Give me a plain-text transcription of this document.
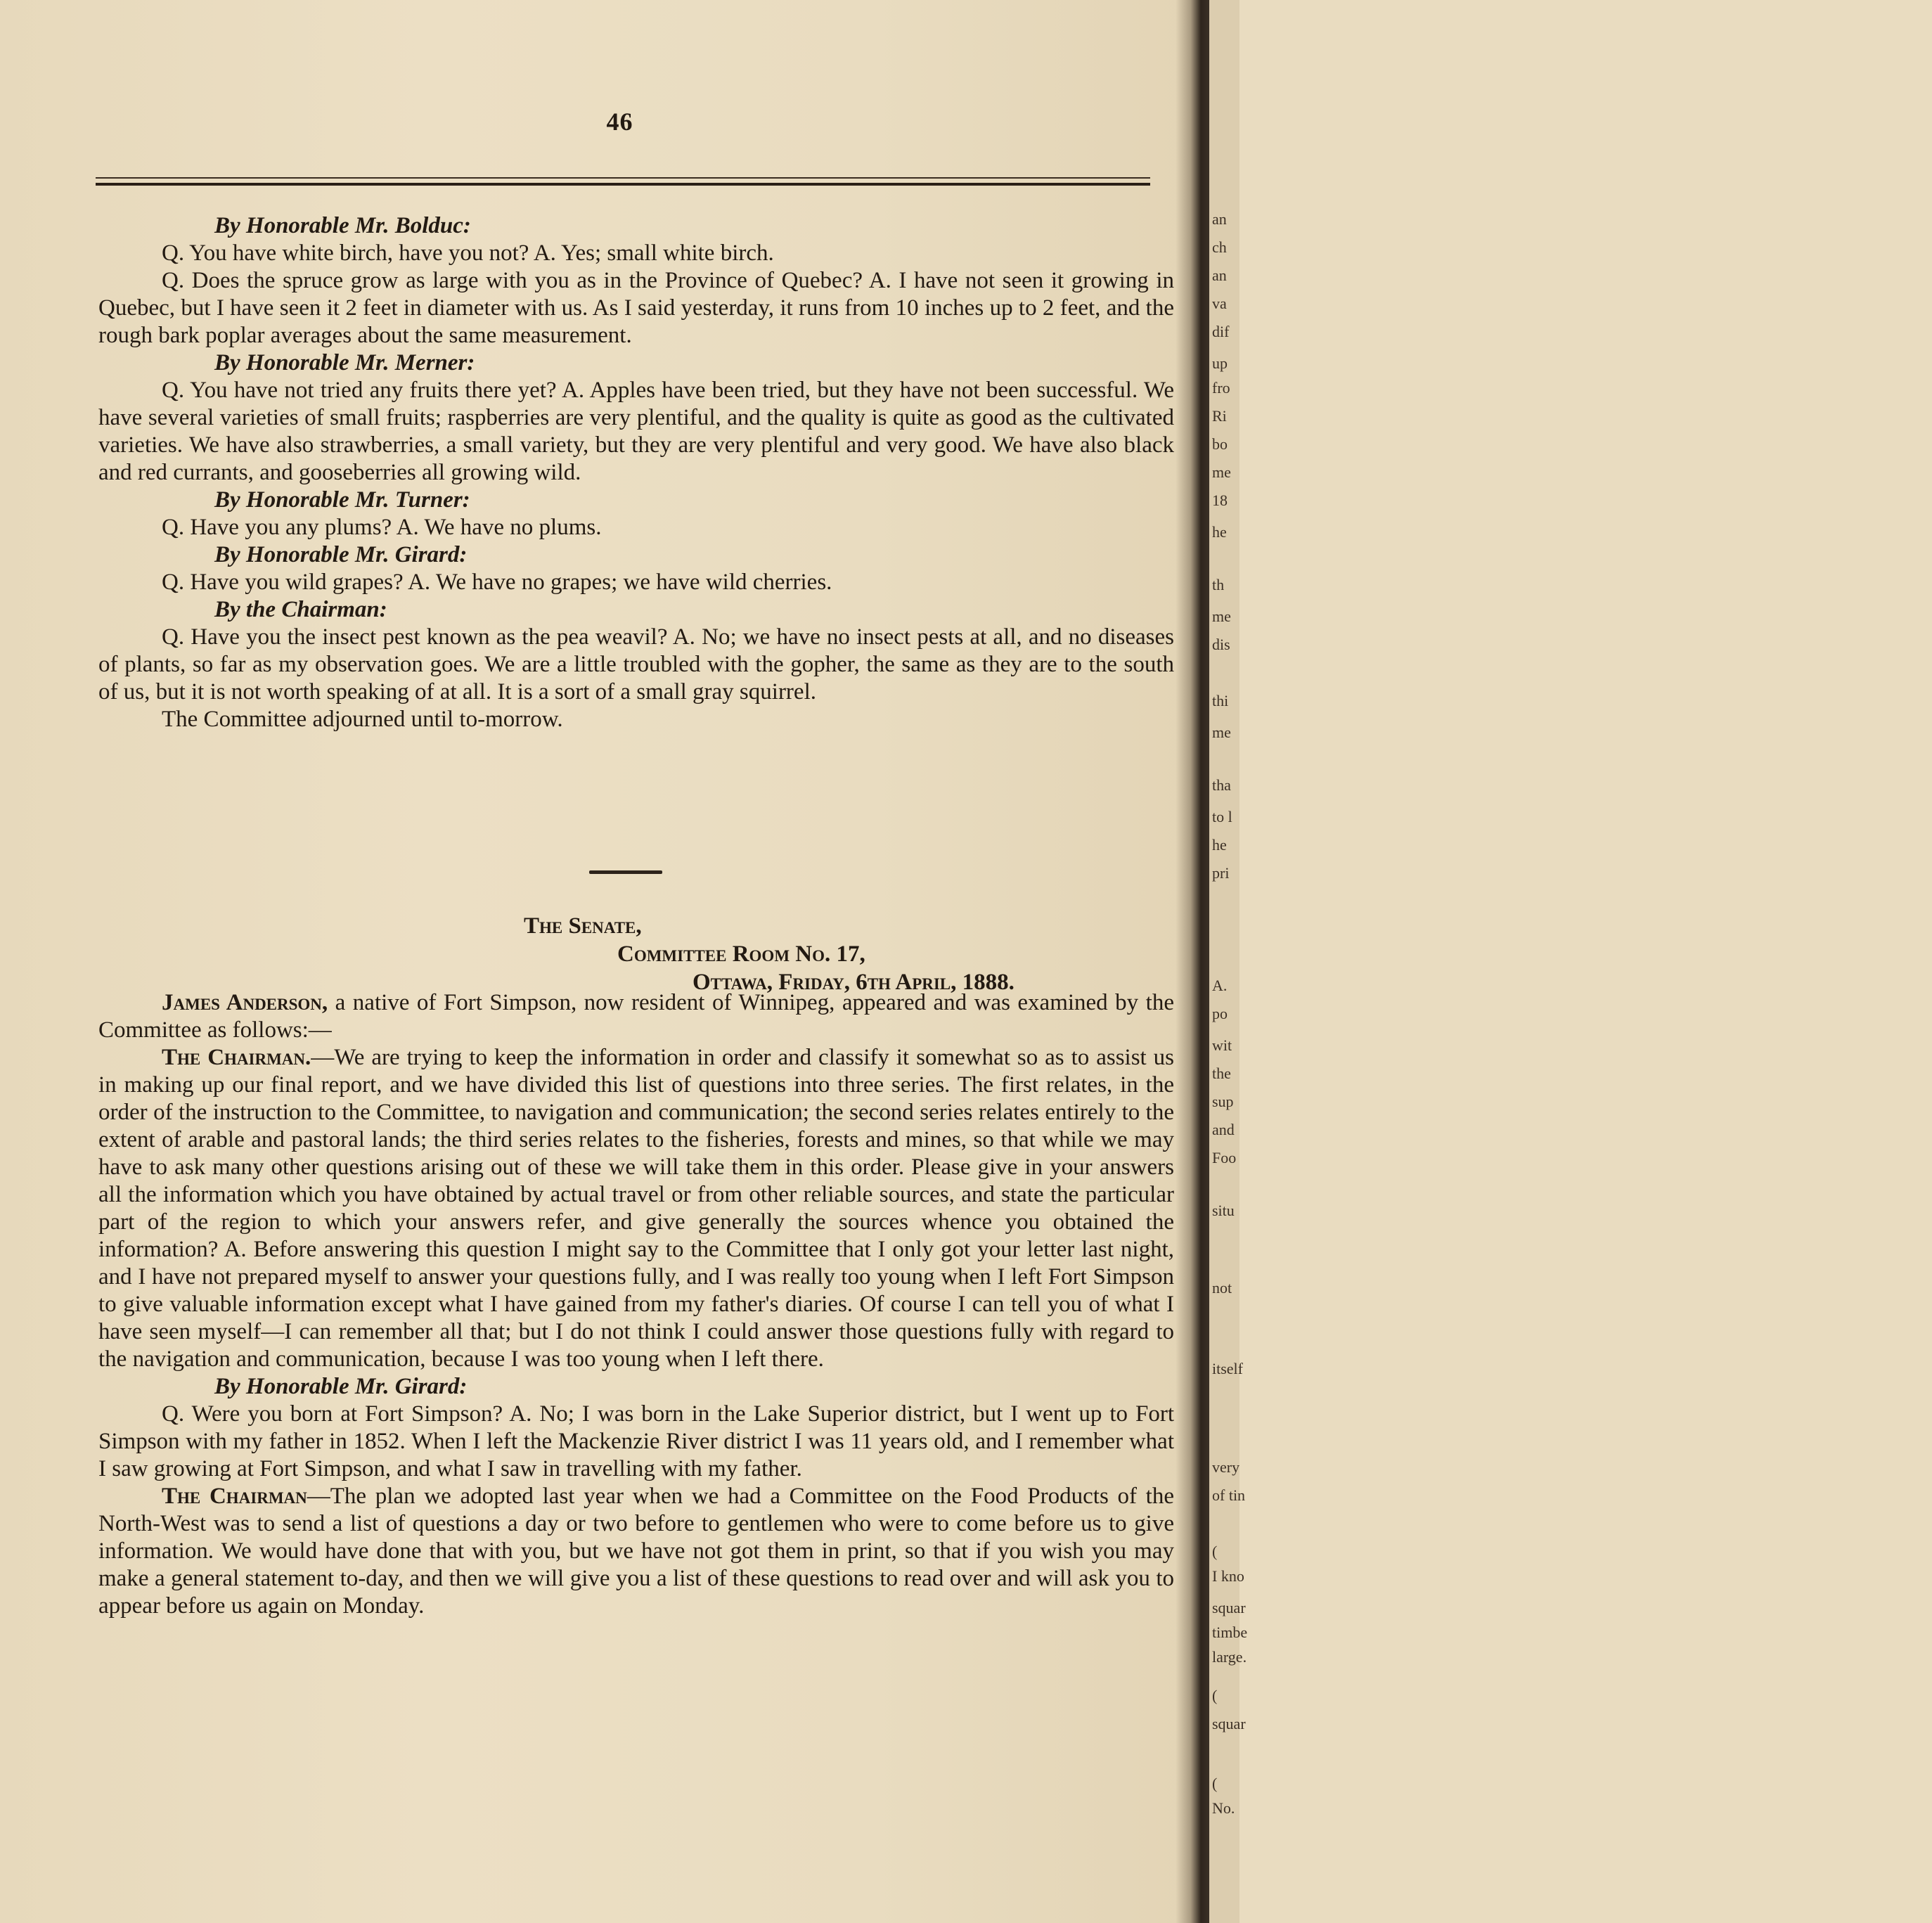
46

By Honorable Mr. Bolduc:

Q. You have white birch, have you not? A. Yes; small white birch.

Q. Does the spruce grow as large with you as in the Province of Quebec? A. I have not seen it growing in Quebec, but I have seen it 2 feet in diameter with us. As I said yesterday, it runs from 10 inches up to 2 feet, and the rough bark poplar averages about the same measurement.

By Honorable Mr. Merner:

Q. You have not tried any fruits there yet? A. Apples have been tried, but they have not been successful. We have several varieties of small fruits; raspberries are very plentiful, and the quality is quite as good as the cultivated varieties. We have also strawberries, a small variety, but they are very plentiful and very good. We have also black and red currants, and gooseberries all growing wild.

By Honorable Mr. Turner:

Q. Have you any plums? A. We have no plums.

By Honorable Mr. Girard:

Q. Have you wild grapes? A. We have no grapes; we have wild cherries.

By the Chairman:

Q. Have you the insect pest known as the pea weavil? A. No; we have no insect pests at all, and no diseases of plants, so far as my observation goes. We are a little troubled with the gopher, the same as they are to the south of us, but it is not worth speaking of at all. It is a sort of a small gray squirrel.

The Committee adjourned until to-morrow.

The Senate,
Committee Room No. 17,
Ottawa, Friday, 6th April, 1888.

James Anderson, a native of Fort Simpson, now resident of Winnipeg, appeared and was examined by the Committee as follows:—

The Chairman.—We are trying to keep the information in order and classify it somewhat so as to assist us in making up our final report, and we have divided this list of questions into three series. The first relates, in the order of the instruction to the Committee, to navigation and communication; the second series relates entirely to the extent of arable and pastoral lands; the third series relates to the fisheries, forests and mines, so that while we may have to ask many other questions arising out of these we will take them in this order. Please give in your answers all the information which you have obtained by actual travel or from other reliable sources, and state the particular part of the region to which your answers refer, and give generally the sources whence you obtained the information? A. Before answering this question I might say to the Committee that I only got your letter last night, and I have not prepared myself to answer your questions fully, and I was really too young when I left Fort Simpson to give valuable information except what I have gained from my father's diaries. Of course I can tell you of what I have seen myself—I can remember all that; but I do not think I could answer those questions fully with regard to the navigation and communication, because I was too young when I left there.

By Honorable Mr. Girard:

Q. Were you born at Fort Simpson? A. No; I was born in the Lake Superior district, but I went up to Fort Simpson with my father in 1852. When I left the Mackenzie River district I was 11 years old, and I remember what I saw growing at Fort Simpson, and what I saw in travelling with my father.

The Chairman—The plan we adopted last year when we had a Committee on the Food Products of the North-West was to send a list of questions a day or two before to gentlemen who were to come before us to give information. We would have done that with you, but we have not got them in print, so that if you wish you may make a general statement to-day, and then we will give you a list of these questions to read over and will ask you to appear before us again on Monday.

an
ch
an
va
dif
up
fro
Ri
bo
me
18
he
th
me
dis
thi
me
tha
to l
he
pri
A.
po
wit
the
sup
and
Foo
situ
not
itself
very
of tin
(
I kno
squar
timbe
large.
(
squar
(
No.
